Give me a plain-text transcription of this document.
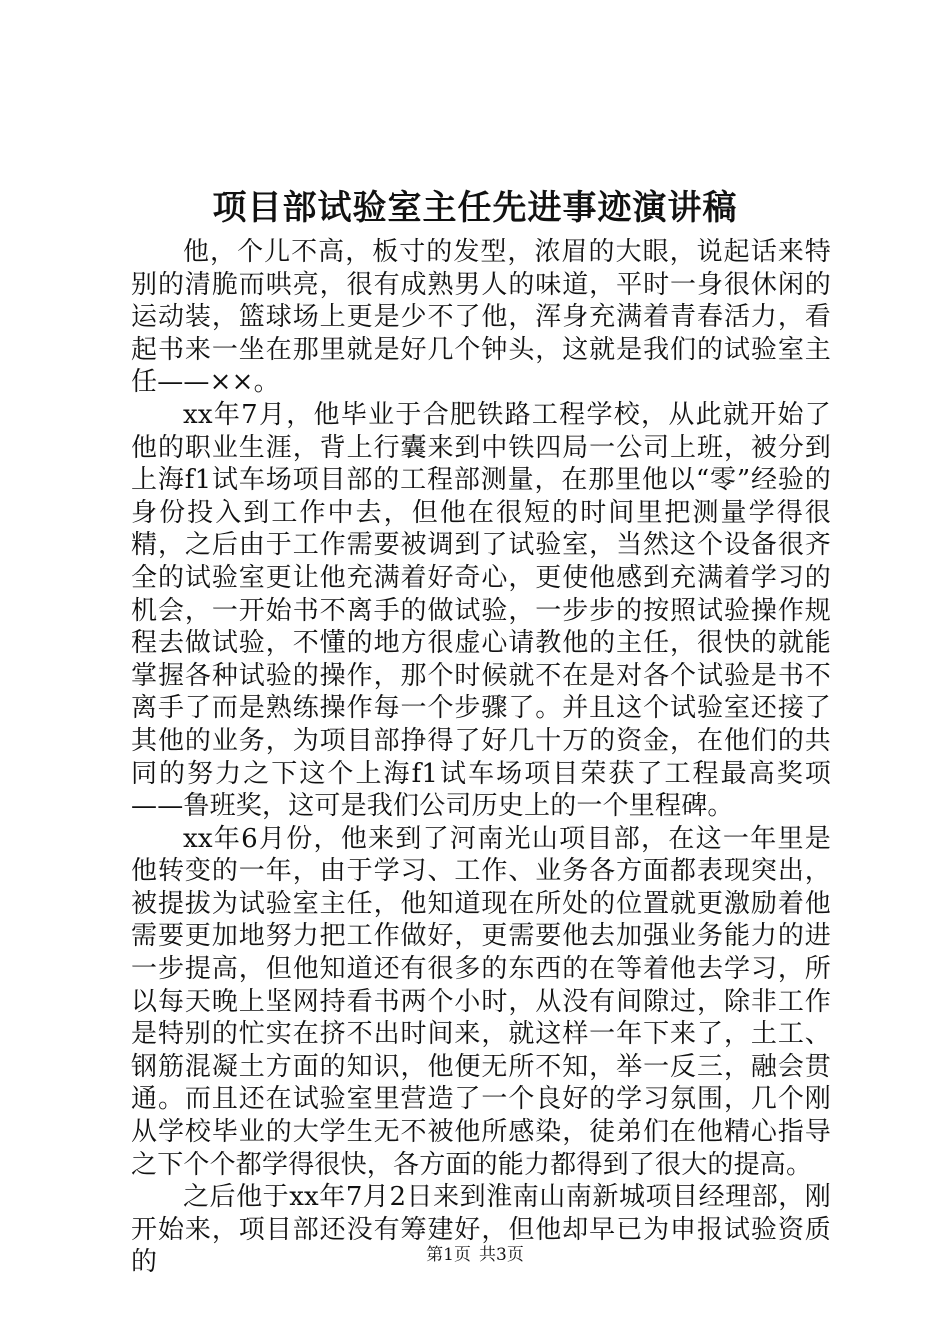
项目部试验室主任先进事迹演讲稿

他，个儿不高，板寸的发型，浓眉的大眼，说起话来特别的清脆而哄亮，很有成熟男人的味道，平时一身很休闲的运动装，篮球场上更是少不了他，浑身充满着青春活力，看起书来一坐在那里就是好几个钟头，这就是我们的试验室主任——××。

xx年7月，他毕业于合肥铁路工程学校，从此就开始了他的职业生涯，背上行囊来到中铁四局一公司上班，被分到上海f1试车场项目部的工程部测量，在那里他以“零”经验的身份投入到工作中去，但他在很短的时间里把测量学得很精，之后由于工作需要被调到了试验室，当然这个设备很齐全的试验室更让他充满着好奇心，更使他感到充满着学习的机会，一开始书不离手的做试验，一步步的按照试验操作规程去做试验，不懂的地方很虚心请教他的主任，很快的就能掌握各种试验的操作，那个时候就不在是对各个试验是书不离手了而是熟练操作每一个步骤了。并且这个试验室还接了其他的业务，为项目部挣得了好几十万的资金，在他们的共同的努力之下这个上海f1试车场项目荣获了工程最高奖项——鲁班奖，这可是我们公司历史上的一个里程碑。

xx年6月份，他来到了河南光山项目部，在这一年里是他转变的一年，由于学习、工作、业务各方面都表现突出，被提拔为试验室主任，他知道现在所处的位置就更激励着他需要更加地努力把工作做好，更需要他去加强业务能力的进一步提高，但他知道还有很多的东西的在等着他去学习，所以每天晚上坚网持看书两个小时，从没有间隙过，除非工作是特别的忙实在挤不出时间来，就这样一年下来了，土工、钢筋混凝土方面的知识，他便无所不知，举一反三，融会贯通。而且还在试验室里营造了一个良好的学习氛围，几个刚从学校毕业的大学生无不被他所感染，徒弟们在他精心指导之下个个都学得很快，各方面的能力都得到了很大的提高。

之后他于xx年7月2日来到淮南山南新城项目经理部，刚开始来，项目部还没有筹建好，但他却早已为申报试验资质的	第1页 共3页
